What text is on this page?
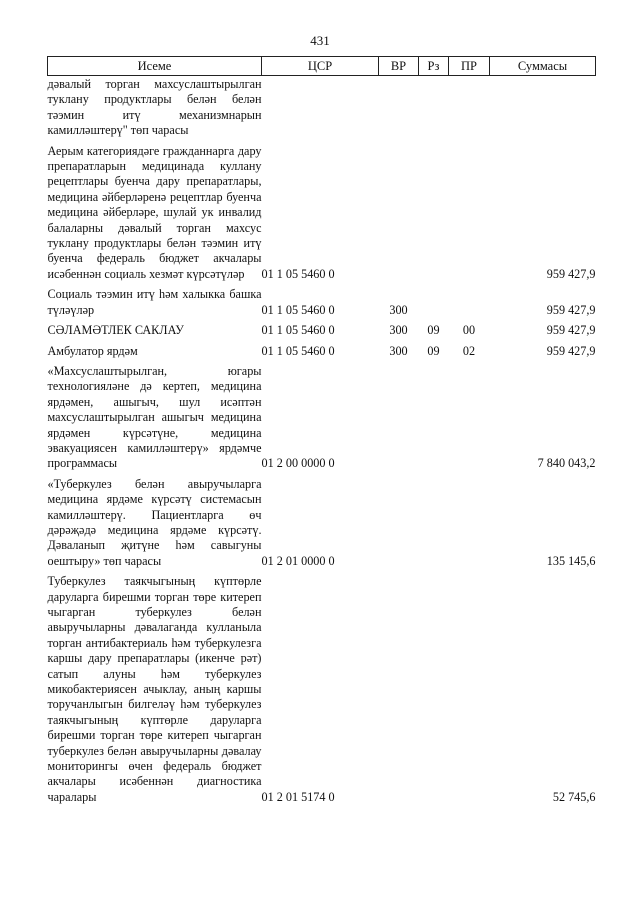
431
Исеме	ЦСР	ВР	Рз	ПР	Суммасы

дәвалый торган махсуслаштырылган туклану продуктлары белән белән тәэмин итү механизмнарын камилләштерү" төп чарасы					

Аерым категориядәге гражданнарга дару препаратларын медицинада куллану рецептлары буенча дару препаратлары, медицина әйберләренә рецептлар буенча медицина әйберләре, шулай ук инвалид балаларны дәвалый торган махсус туклану продуктлары белән тәэмин итү буенча федераль бюджет акчалары исәбеннән социаль хезмәт күрсәтүләр	01 1 05 5460 0				959 427,9

Социаль тәэмин итү һәм халыкка башка түләүләр	01 1 05 5460 0	300			959 427,9

СӘЛАМӘТЛЕК САКЛАУ	01 1 05 5460 0	300	09	00	959 427,9

Амбулатор ярдәм	01 1 05 5460 0	300	09	02	959 427,9

«Махсуслаштырылган, югары технологияләне дә кертеп, медицина ярдәмен, ашыгыч, шул исәптән махсуслаштырылган ашыгыч медицина ярдәмен күрсәтүне, медицина эвакуациясен камилләштерү» ярдәмче программасы	01 2 00 0000 0				7 840 043,2

«Туберкулез белән авыручыларга медицина ярдәме күрсәтү системасын камилләштерү. Пациентларга өч дәрәҗәдә медицина ярдәме күрсәтү. Дәваланып җитүне һәм савыгуны оештыру» төп чарасы	01 2 01 0000 0				135 145,6

Туберкулез таякчыгының күптөрле даруларга бирешми торган төре китереп чыгарган туберкулез белән авыручыларны дәвалаганда кулланыла торган антибактериаль һәм туберкулезга каршы дару препаратлары (икенче рәт) сатып алуны һәм туберкулез микобактериясен ачыклау, аның каршы торучанлыгын билгеләү һәм туберкулез таякчыгының күптөрле даруларга бирешми торган төре китереп чыгарган туберкулез белән авыручыларны дәвалау мониторингы өчен федераль бюджет акчалары исәбеннән диагностика чаралары	01 2 01 5174 0				52 745,6
